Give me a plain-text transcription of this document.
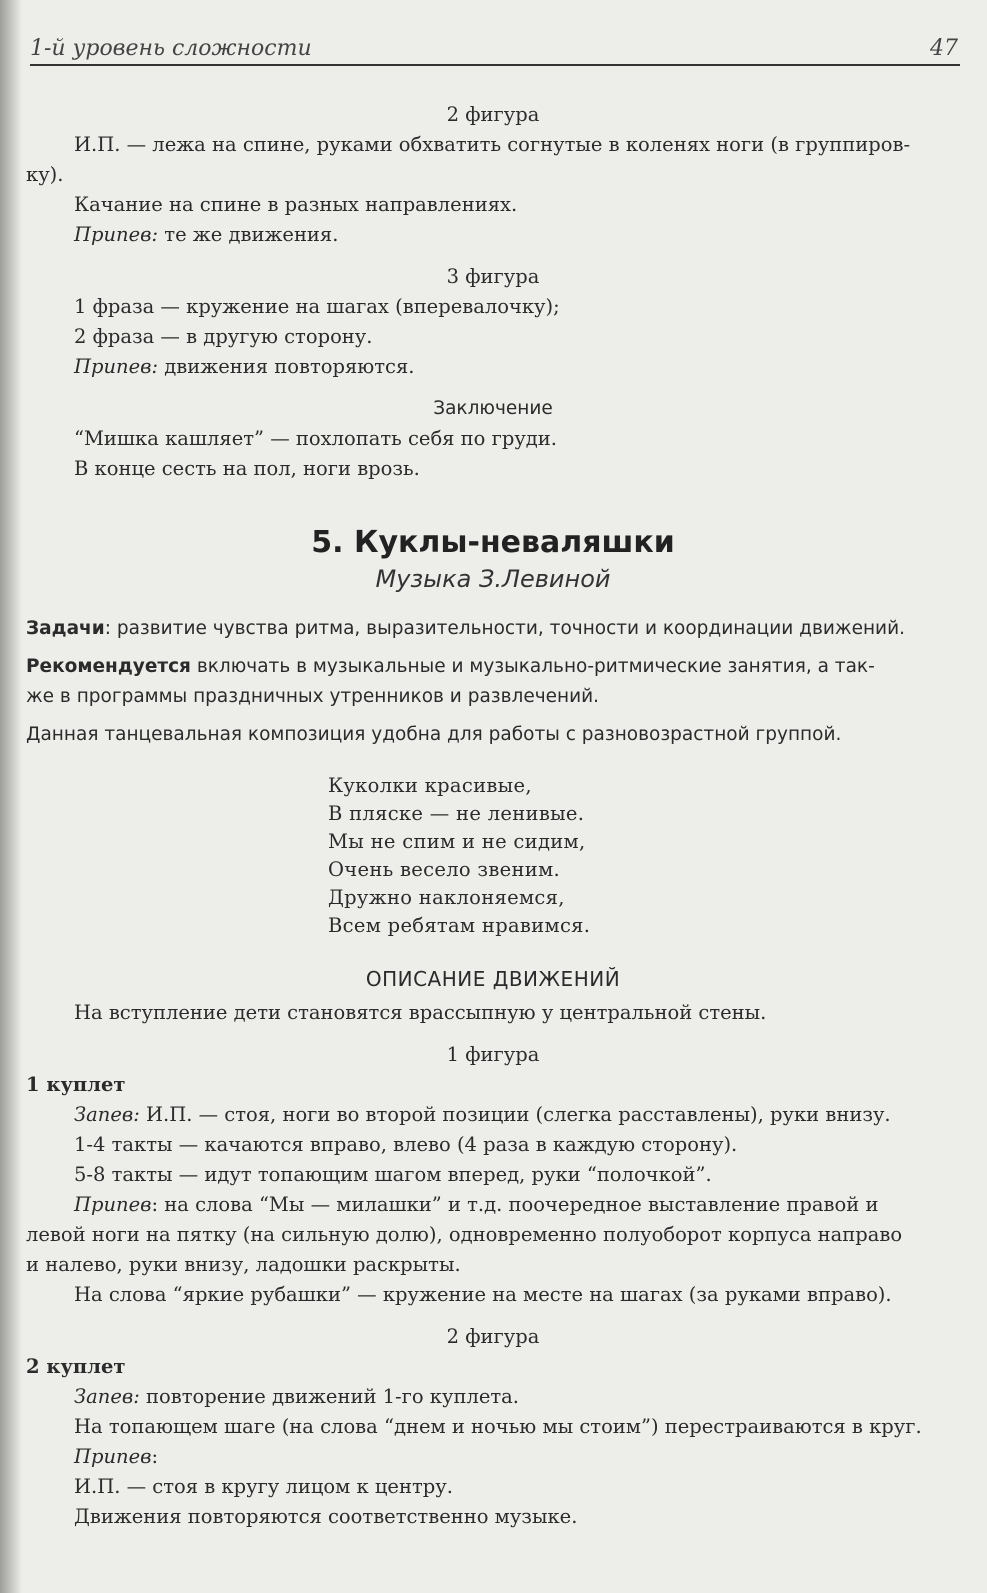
1-й уровень сложности	47

2 фигура

И.П. — лежа на спине, руками обхватить согнутые в коленях ноги (в группиров-

ку).

Качание на спине в разных направлениях.

Припев: те же движения.

3 фигура

1 фраза — кружение на шагах (вперевалочку);

2 фраза — в другую сторону.

Припев: движения повторяются.

Заключение

“Мишка кашляет” — похлопать себя по груди.

В конце сесть на пол, ноги врозь.

5. Куклы-неваляшки

Музыка З.Левиной

Задачи: развитие чувства ритма, выразительности, точности и координации движений.

Рекомендуется включать в музыкальные и музыкально-ритмические занятия, а так-

же в программы праздничных утренников и развлечений.

Данная танцевальная композиция удобна для работы с разновозрастной группой.

Куколки красивые,
В пляске — не ленивые.
Мы не спим и не сидим,
Очень весело звеним.
Дружно наклоняемся,
Всем ребятам нравимся.

ОПИСАНИЕ ДВИЖЕНИЙ

На вступление дети становятся врассыпную у центральной стены.

1 фигура

1 куплет

Запев: И.П. — стоя, ноги во второй позиции (слегка расставлены), руки внизу.

1-4 такты — качаются вправо, влево (4 раза в каждую сторону).

5-8 такты — идут топающим шагом вперед, руки “полочкой”.

Припев: на слова “Мы — милашки” и т.д. поочередное выставление правой и

левой ноги на пятку (на сильную долю), одновременно полуоборот корпуса направо

и налево, руки внизу, ладошки раскрыты.

На слова “яркие рубашки” — кружение на месте на шагах (за руками вправо).

2 фигура

2 куплет

Запев: повторение движений 1-го куплета.

На топающем шаге (на слова “днем и ночью мы стоим”) перестраиваются в круг.

Припев:

И.П. — стоя в кругу лицом к центру.

Движения повторяются соответственно музыке.
